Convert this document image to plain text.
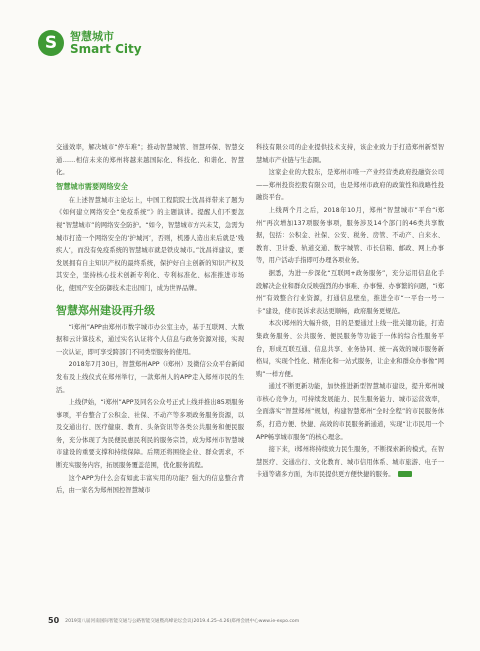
S	智慧城市
Smart City

交通效率，解决城市“停车难”；推动智慧城管、智慧环保、智慧交通……相信未来的郑州将越来越国际化、科技化、和谐化、智慧化。

智慧城市需要网络安全

在上述智慧城市主论坛上，中国工程院院士沈昌祥带来了题为《如何建立网络安全“免疫系统”》的主题演讲。提醒人们不要忽视“智慧城市”的网络安全防护。“如今，智慧城市方兴未艾，急需为城市打造一个网络安全的‘护城河’，否则，机器人造出来后就是‘残疾人’，而没有免疫系统的智慧城市就是铁皮城市。”沈昌祥建议，要发展拥有自主知识产权的最终系统，保护好自主创新的知识产权及其安全，坚持核心技术创新专利化、专利标准化、标准推进市场化，使国产安全防御技术走出国门，成为世界品牌。

智慧郑州建设再升级

“i郑州”APP由郑州市数字城市办公室主办，基于互联网、大数据和云计算技术，通过实名认证将个人信息与政务资源对接，实现一次认证，即可享受跨部门不同类型服务的使用。

2018年7月30日，智慧郑州APP（i郑州）及微信公众平台新闻发布及上线仪式在郑州举行，一款郑州人的APP走入郑州市民的生活。

上线伊始，“i郑州”APP及同名公众号正式上线并推出85项服务事项，平台整合了公积金、社保、不动产等多项政务服务资源，以及交通出行、医疗健康、教育、头条资讯等各类公共服务和便民服务，充分体现了为民便民惠民利民的服务宗旨，成为郑州市智慧城市建设的重要支撑和持续保障。后期还将围绕企业、群众需求，不断充实服务内容，拓展服务覆盖范围，优化服务流程。

这个APP为什么会有如此丰富实用的功能？强大的信息整合背后，由一家名为郑州国控智慧城市

科技有限公司的企业提供技术支持，该企业致力于打造郑州新型智慧城市产业链与生态圈。

这家企业的大股东，是郑州市唯一产业经营类政府投融资公司——郑州投资控股有限公司，也是郑州市政府的政策性和战略性投融资平台。

上线两个月之后，2018年10月，郑州“智慧城市”平台“i郑州”再次增加137项服务事项，服务涉及14个部门的46类共享数据，包括：公积金、社保、公安、税务、房管、不动产、自来水、教育、卫计委、轨道交通、数字城管、市长信箱、邮政、网上办事等，用户活动手指即可办理各项业务。

据悉，为进一步深化“互联网+政务服务”，充分运用信息化手段解决企业和群众反映强烈的办事难、办事慢、办事繁的问题，“i郑州”有效整合行业资源，打通信息壁垒，推进全市“一平台一号一卡”建设，使市民诉求表达更顺畅，政府服务更规范。

本次i郑州的大幅升级，目的是要通过上线一批关键功能，打造集政务服务、公共服务、便民服务等功能于一体的综合性服务平台，形成互联互通、信息共享、业务协同、统一高效的城市服务新格局，实现个性化、精准化和一站式服务，让企业和群众办事像“网购”一样方便。

通过不断更新功能，加快推进新型智慧城市建设，提升郑州城市核心竞争力，可持续发展能力、民生服务能力、城市运营效率，全面落实“智慧郑州”规划，构建智慧郑州“全时全程”的市民服务体系，打造方便、快捷、高效的市民服务新通道，实现“让市民用一个APP畅享城市服务”的核心理念。

接下来，i郑州将持续致力民生服务，不断探索新的模式，在智慧医疗、交通出行、文化教育、城市信用体系、城市旅游、电子一卡通等诸多方面，为市民提供更方便快捷的服务。

50 2019第八届河南国际智能交通与公路智能交通暨高峰论坛会议(2019.4.25–4.26)郑州会展中心www.ie-expo.com
